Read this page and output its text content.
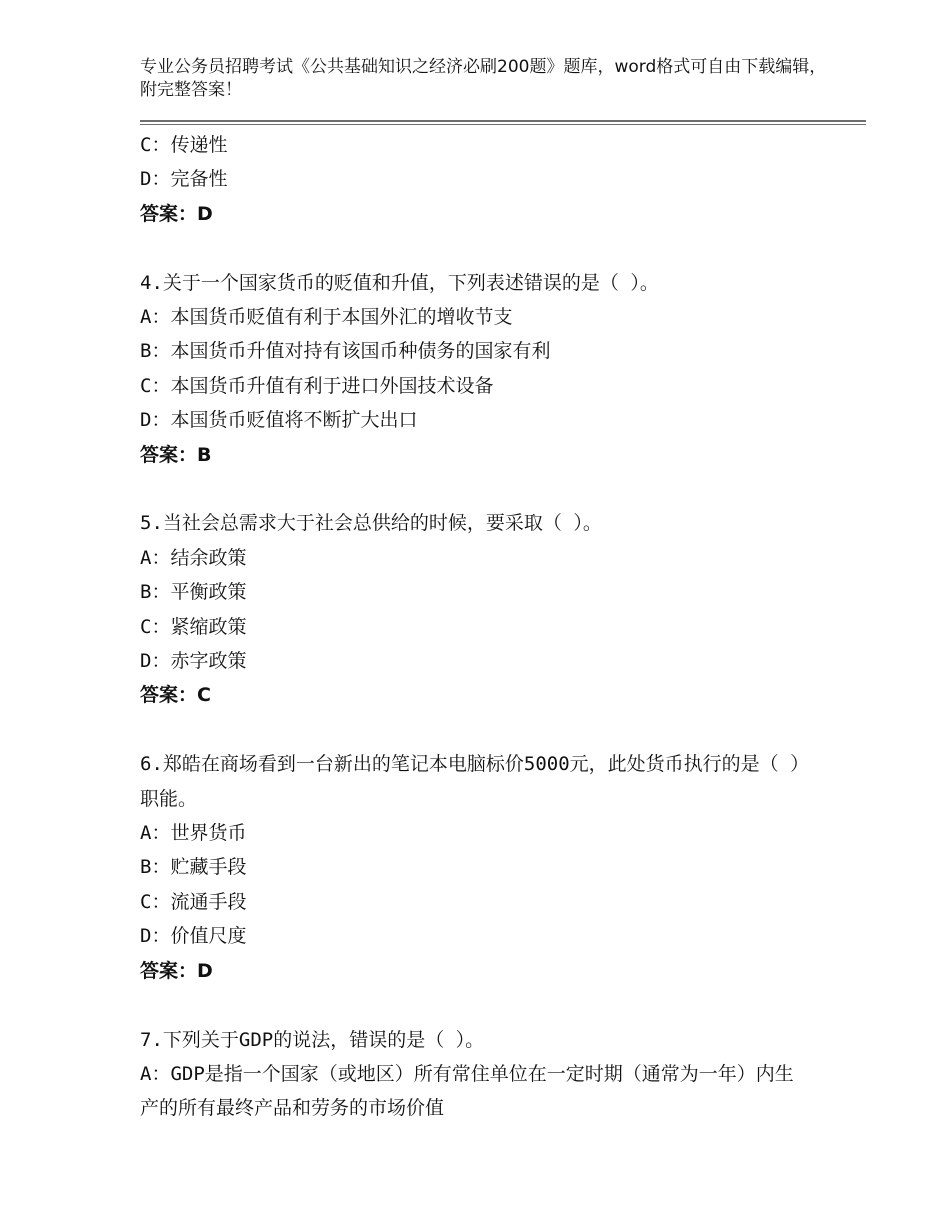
专业公务员招聘考试《公共基础知识之经济必刷200题》题库，word格式可自由下载编辑，附完整答案！
C：传递性
D：完备性
答案：D
4.关于一个国家货币的贬值和升值，下列表述错误的是（ ）。
A：本国货币贬值有利于本国外汇的增收节支
B：本国货币升值对持有该国币种债务的国家有利
C：本国货币升值有利于进口外国技术设备
D：本国货币贬值将不断扩大出口
答案：B
5.当社会总需求大于社会总供给的时候，要采取（ ）。
A：结余政策
B：平衡政策
C：紧缩政策
D：赤字政策
答案：C
6.郑皓在商场看到一台新出的笔记本电脑标价5000元，此处货币执行的是（ ）职能。
A：世界货币
B：贮藏手段
C：流通手段
D：价值尺度
答案：D
7.下列关于GDP的说法，错误的是（ ）。
A：GDP是指一个国家（或地区）所有常住单位在一定时期（通常为一年）内生产的所有最终产品和劳务的市场价值
